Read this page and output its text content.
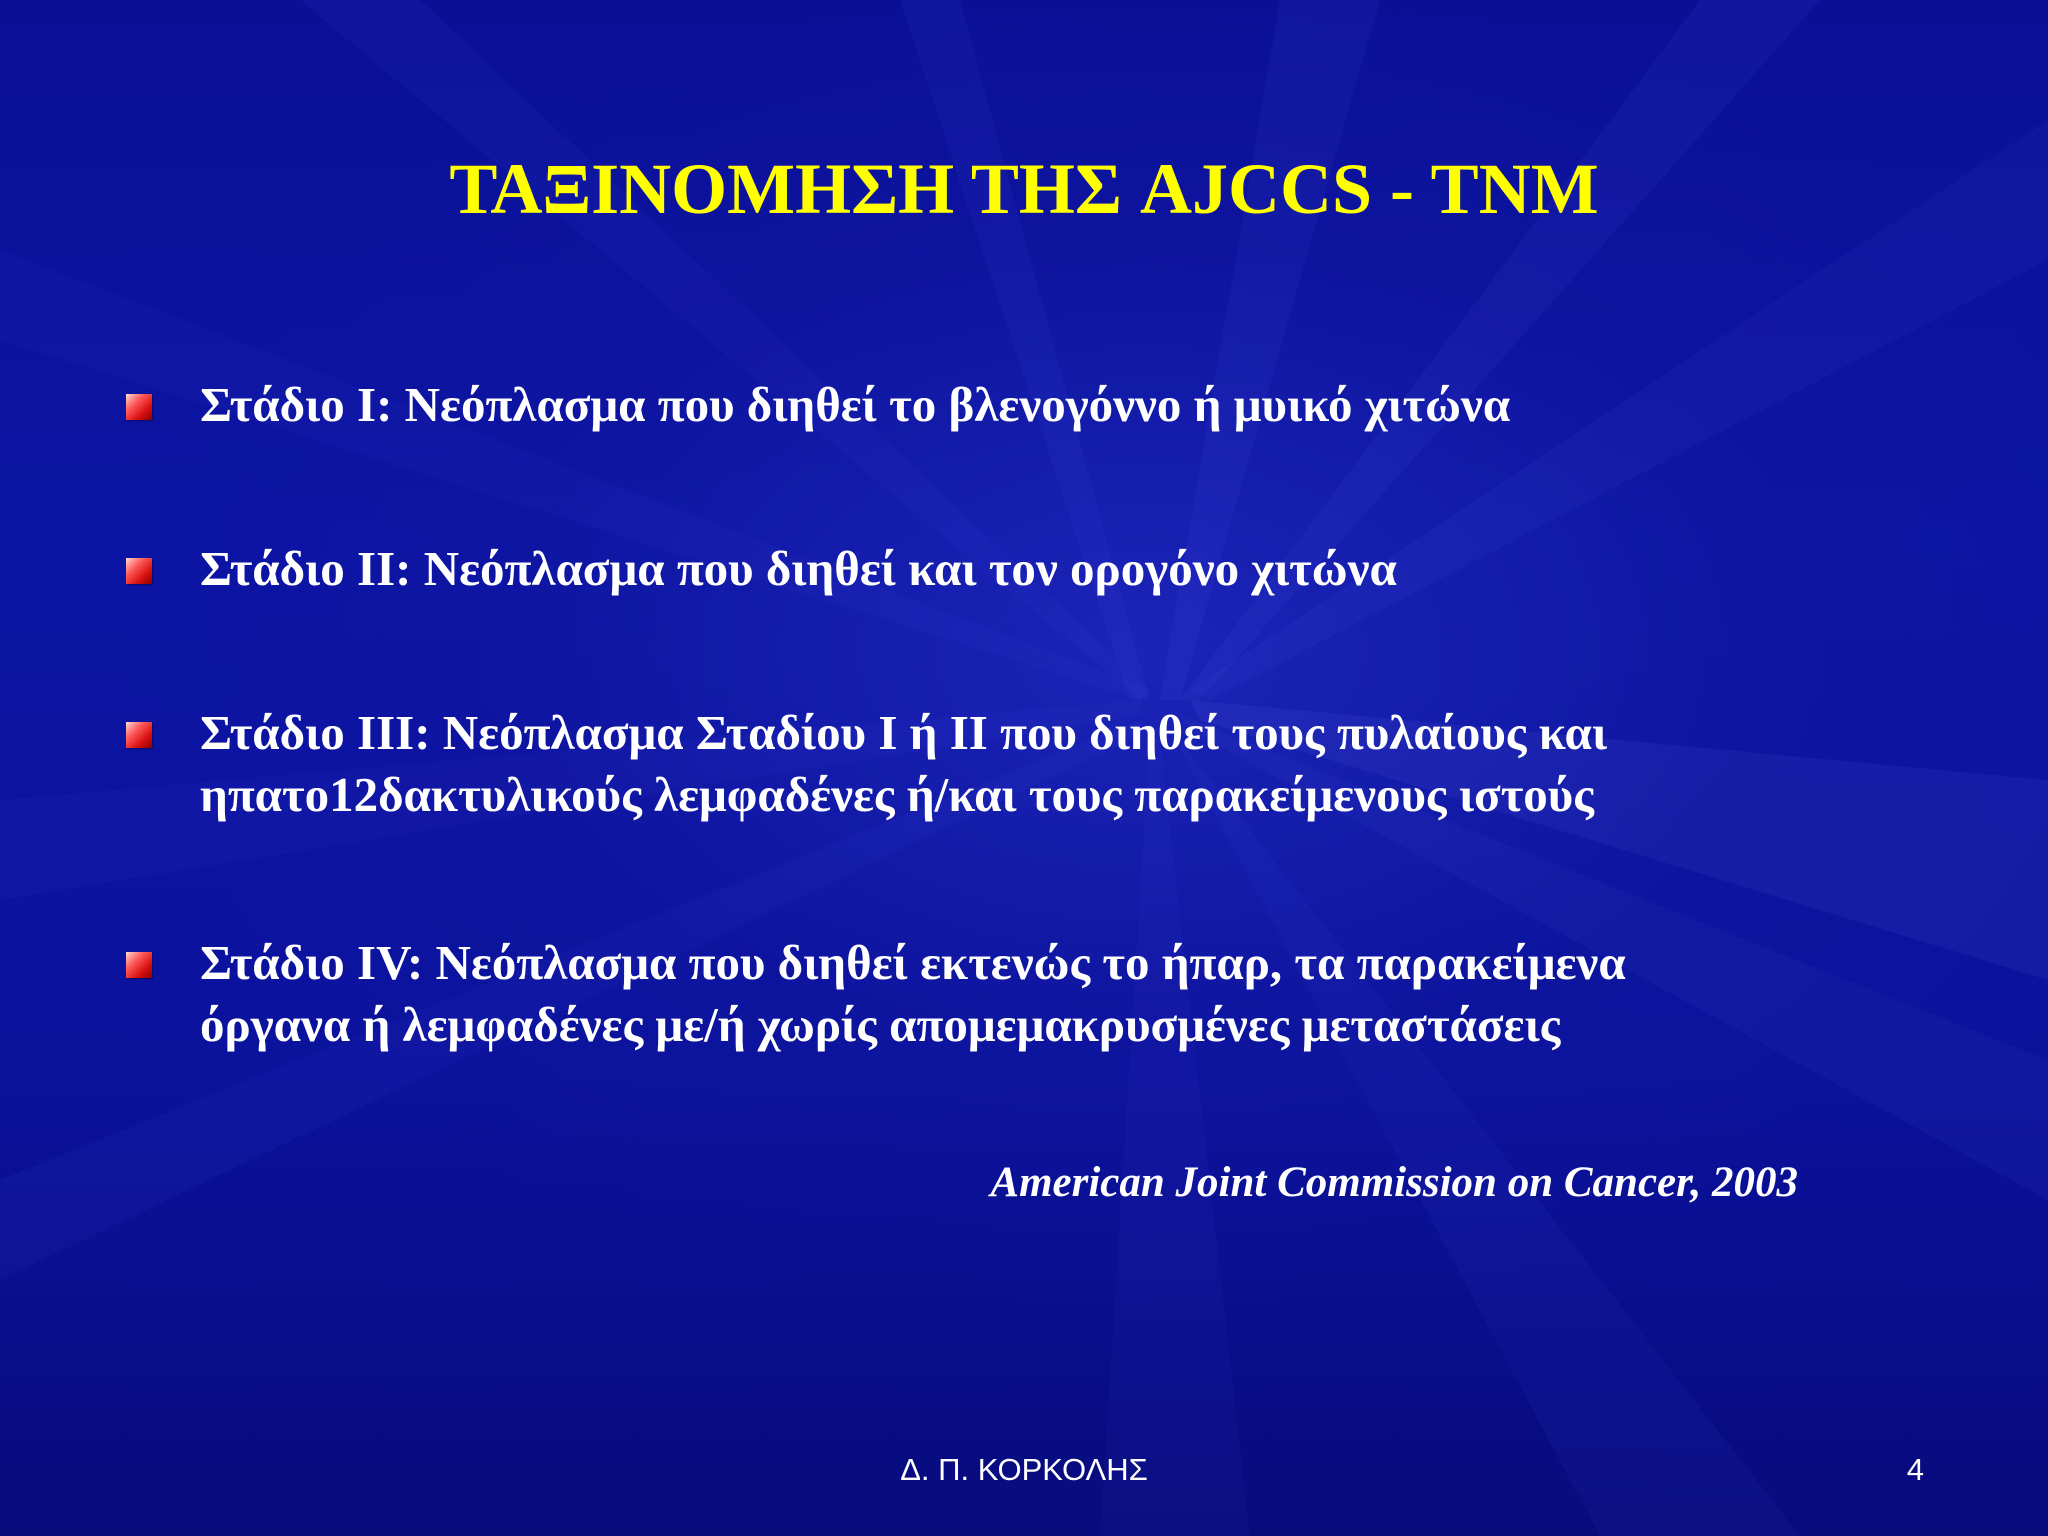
ΤΑΞΙΝΟΜΗΣΗ ΤΗΣ AJCCS - TNM
Στάδιο I: Νεόπλασμα που διηθεί το βλενογόννο ή μυικό χιτώνα
Στάδιο II: Νεόπλασμα που διηθεί και τον ορογόνο χιτώνα
Στάδιο III: Νεόπλασμα Σταδίου Ι ή ΙΙ που διηθεί τους πυλαίους και
ηπατο12δακτυλικούς λεμφαδένες ή/και τους παρακείμενους ιστούς
Στάδιο IV: Νεόπλασμα που διηθεί εκτενώς το ήπαρ, τα παρακείμενα
όργανα ή λεμφαδένες με/ή χωρίς απομεμακρυσμένες μεταστάσεις
American Joint Commission on Cancer, 2003
Δ. Π. ΚΟΡΚΟΛΗΣ	4
